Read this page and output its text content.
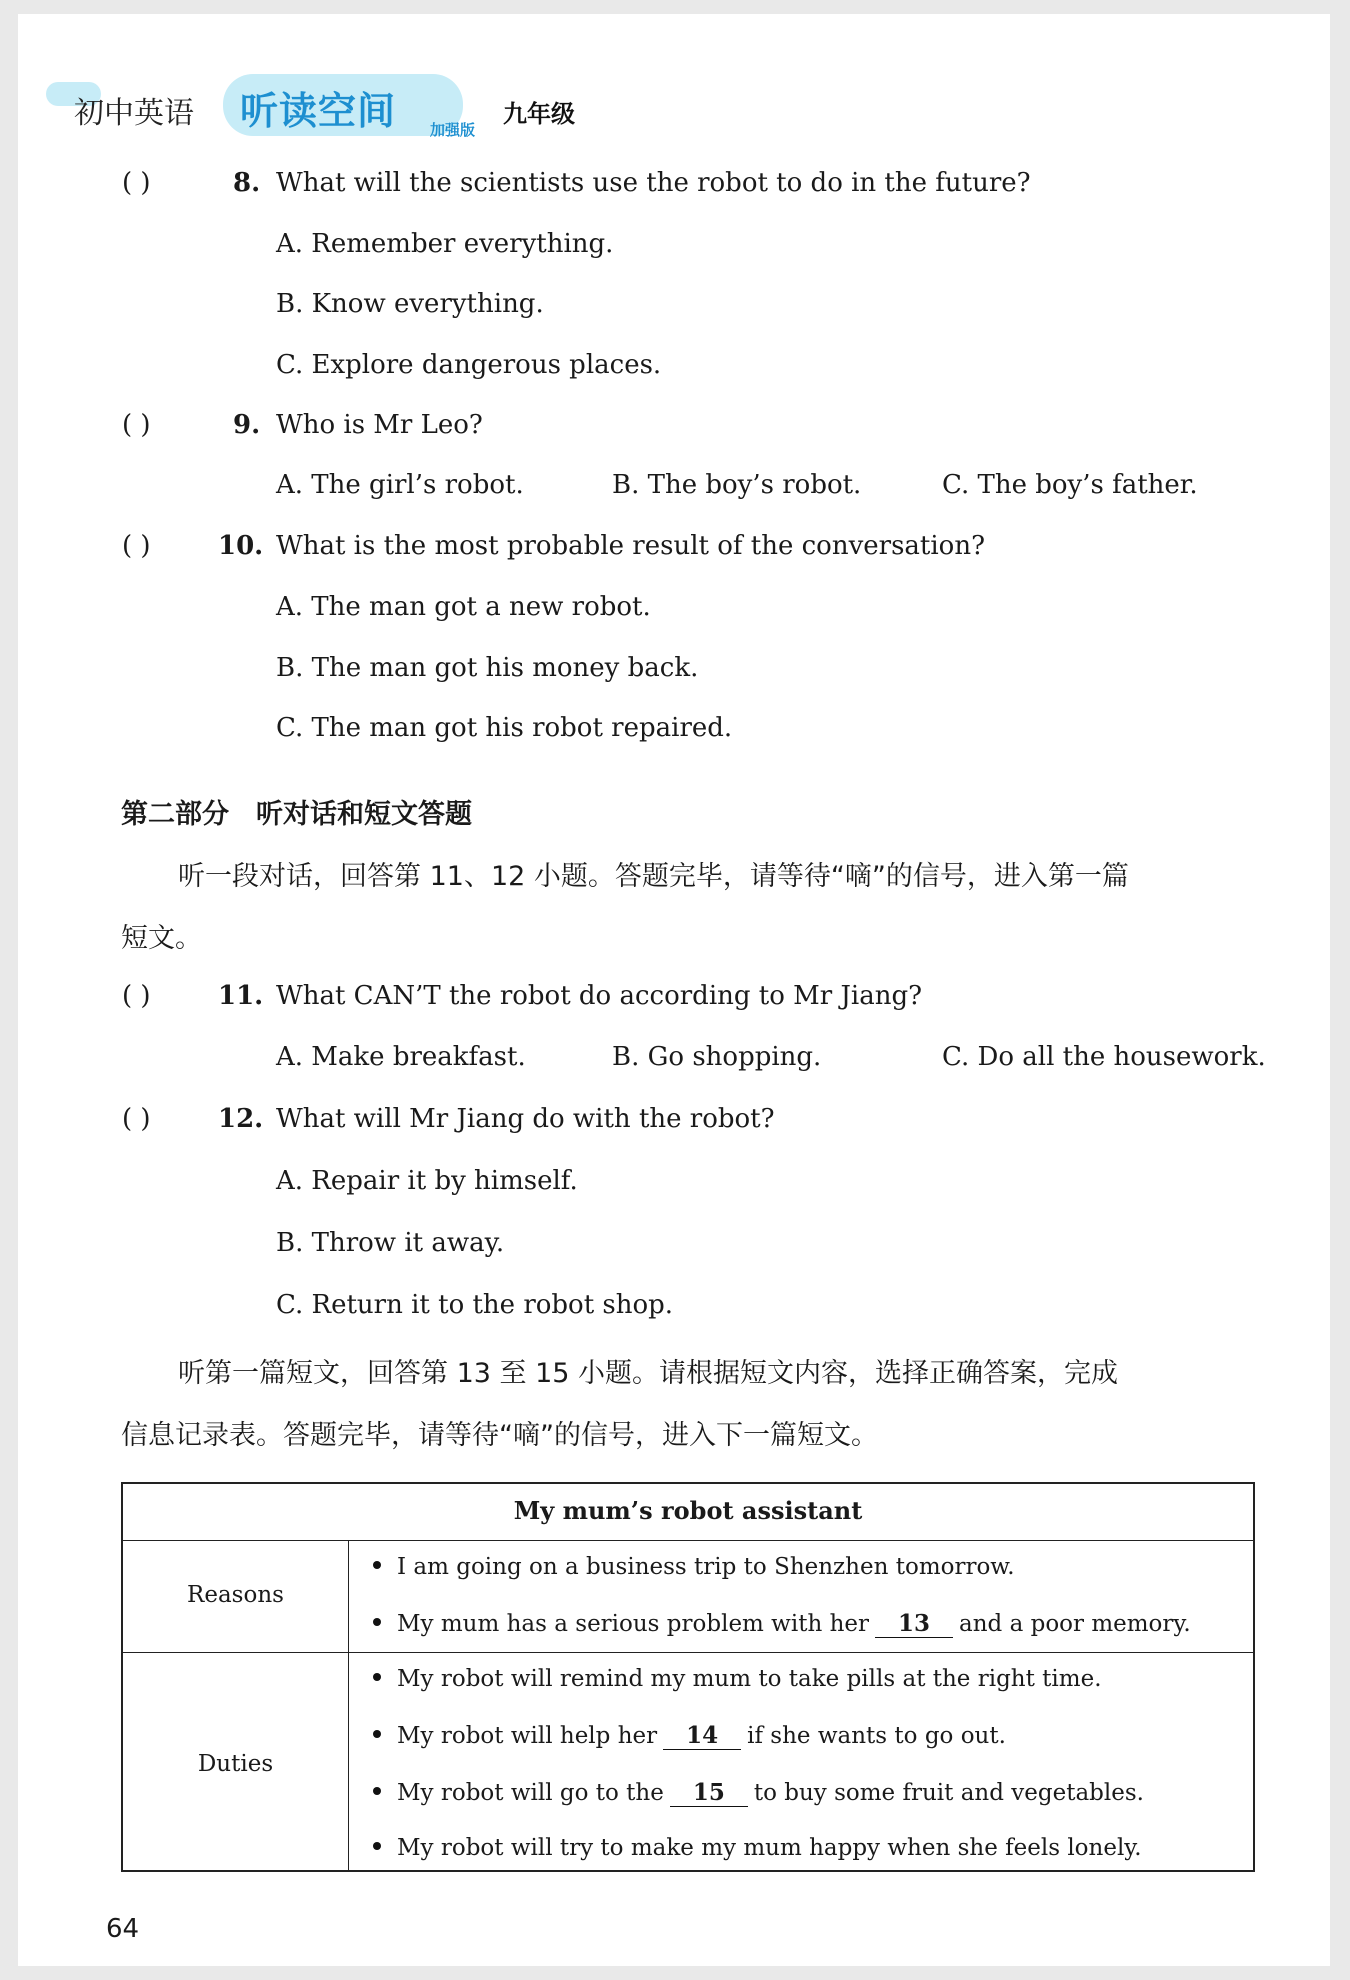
初中英语 听读空间 加强版
九年级
( )	8. What will the scientists use the robot to do in the future?
A. Remember everything.
B. Know everything.
C. Explore dangerous places.
( )	9. Who is Mr Leo?
A. The girl’s robot.	B. The boy’s robot.	C. The boy’s father.
( )	10. What is the most probable result of the conversation?
A. The man got a new robot.
B. The man got his money back.
C. The man got his robot repaired.
第二部分　听对话和短文答题
听一段对话，回答第 11、12 小题。答题完毕，请等待“嘀”的信号，进入第一篇
短文。
( )	11. What CAN’T the robot do according to Mr Jiang?
A. Make breakfast.	B. Go shopping.	C. Do all the housework.
( )	12. What will Mr Jiang do with the robot?
A. Repair it by himself.
B. Throw it away.
C. Return it to the robot shop.
听第一篇短文，回答第 13 至 15 小题。请根据短文内容，选择正确答案，完成
信息记录表。答题完毕，请等待“嘀”的信号，进入下一篇短文。
My mum’s robot assistant
Reasons
I am going on a business trip to Shenzhen tomorrow.
My mum has a serious problem with her 13 and a poor memory.
Duties
My robot will remind my mum to take pills at the right time.
My robot will help her 14 if she wants to go out.
My robot will go to the 15 to buy some fruit and vegetables.
My robot will try to make my mum happy when she feels lonely.
64
